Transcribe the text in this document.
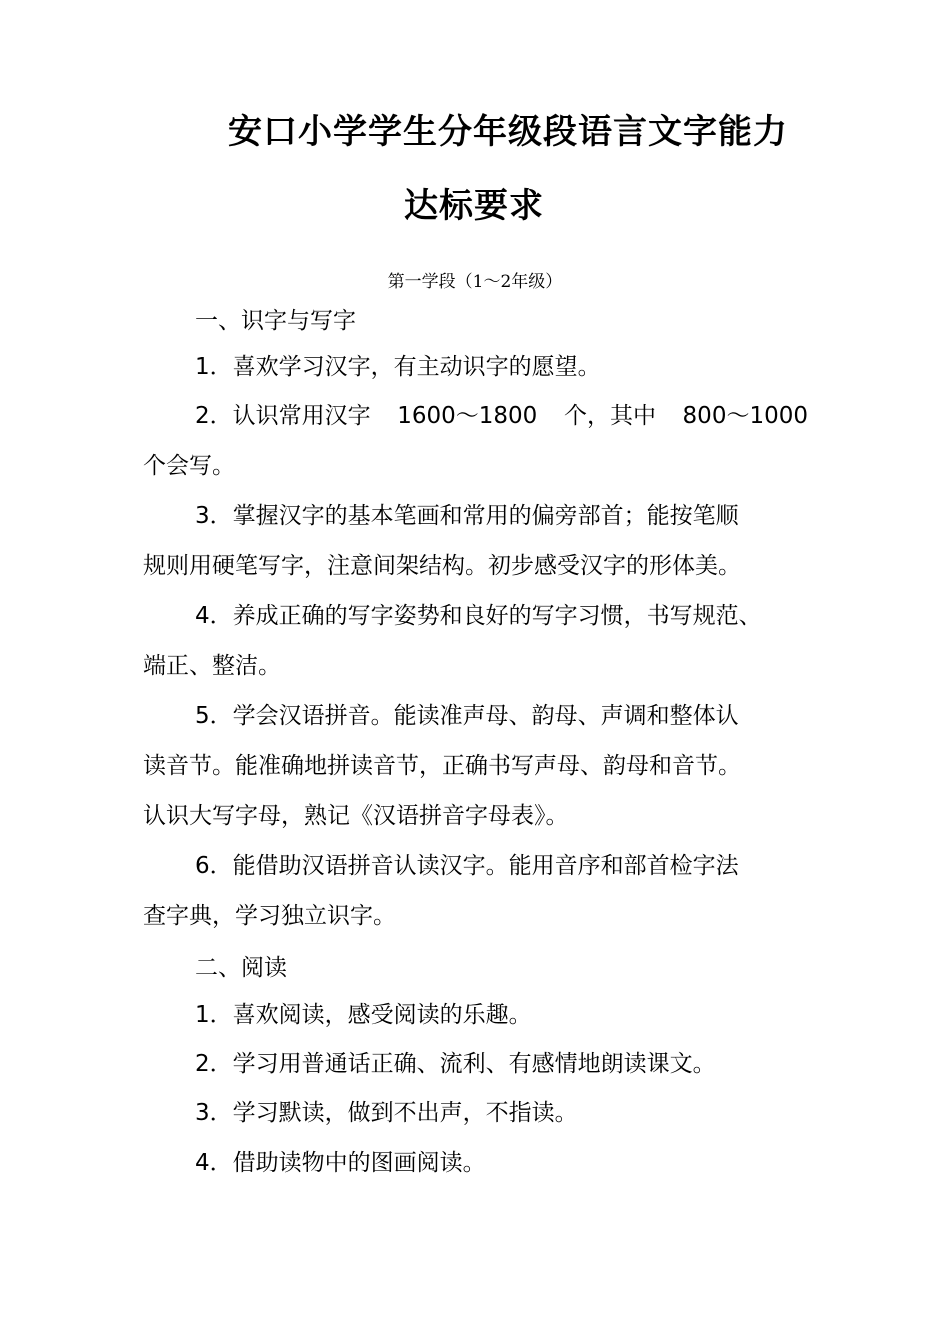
安口小学学生分年级段语言文字能力
达标要求
第一学段（1～2年级）
一、识字与写字
1．喜欢学习汉字，有主动识字的愿望。
2．认识常用汉字 1600～1800 个，其中 800～1000
个会写。
3．掌握汉字的基本笔画和常用的偏旁部首；能按笔顺
规则用硬笔写字，注意间架结构。初步感受汉字的形体美。
4．养成正确的写字姿势和良好的写字习惯，书写规范、
端正、整洁。
5．学会汉语拼音。能读准声母、韵母、声调和整体认
读音节。能准确地拼读音节，正确书写声母、韵母和音节。
认识大写字母，熟记《汉语拼音字母表》。
6．能借助汉语拼音认读汉字。能用音序和部首检字法
查字典，学习独立识字。
二、阅读
1．喜欢阅读，感受阅读的乐趣。
2．学习用普通话正确、流利、有感情地朗读课文。
3．学习默读，做到不出声，不指读。
4．借助读物中的图画阅读。
